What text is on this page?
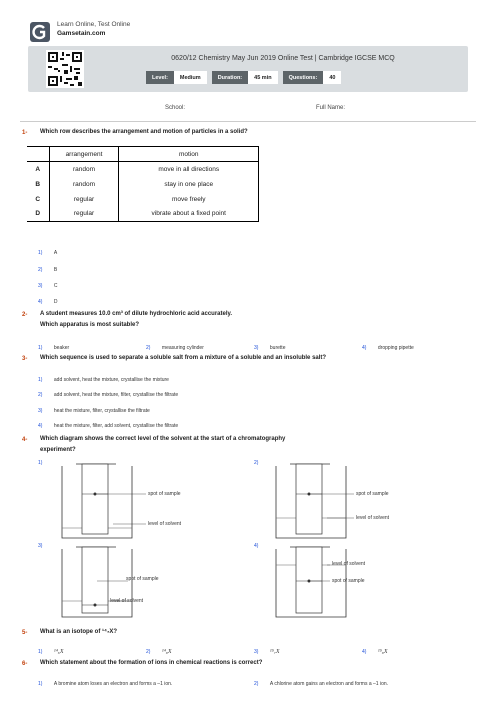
Learn Online, Test Online
Gamsetain.com
0620/12 Chemistry May Jun 2019 Online Test | Cambridge IGCSE MCQ
Level:	Medium	Duration:	45 min	Questions:	40
School:	Full Name:
1- Which row describes the arrangement and motion of particles in a solid?
	arrangement	motion
A	random	move in all directions
B	random	stay in one place
C	regular	move freely
D	regular	vibrate about a fixed point
1) A
2) B
3) C
4) D
2- A student measures 10.0 cm³ of dilute hydrochloric acid accurately.
Which apparatus is most suitable?
1) beaker	2) measuring cylinder	3) burette	4) dropping pipette
3- Which sequence is used to separate a soluble salt from a mixture of a soluble and an insoluble salt?
1) add solvent, heat the mixture, crystallise the mixture
2) add solvent, heat the mixture, filter, crystallise the filtrate
3) heat the mixture, filter, crystallise the filtrate
4) heat the mixture, filter, add solvent, crystallise the filtrate
4- Which diagram shows the correct level of the solvent at the start of a chromatography
experiment?
1)
spot of sample
level of solvent
2)
spot of sample
level of solvent
3)
spot of sample
level of solvent
4)
level of solvent
spot of sample
5- What is an isotope of ¹⁴₇X?
1) ¹⁴₆X	2) ¹⁴₈X	3) ¹⁵₇X	4) ¹⁵₈X
6- Which statement about the formation of ions in chemical reactions is correct?
1) A bromine atom loses an electron and forms a –1 ion.	2) A chlorine atom gains an electron and forms a –1 ion.
